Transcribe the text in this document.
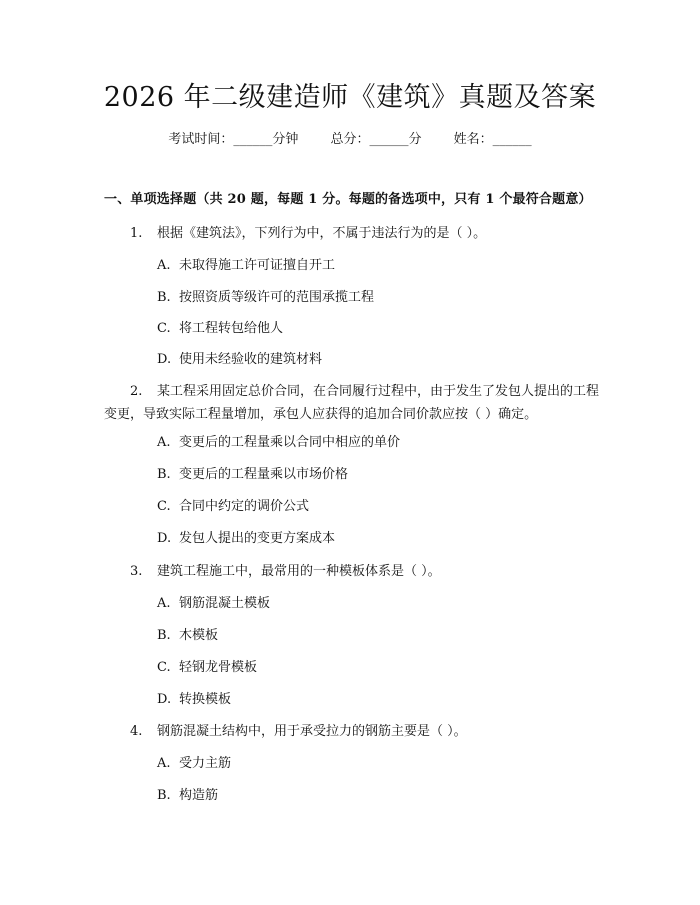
2026 年二级建造师《建筑》真题及答案
考试时间：______分钟 总分：______分 姓名：______
一、单项选择题（共 20 题，每题 1 分。每题的备选项中，只有 1 个最符合题意）
1. 根据《建筑法》，下列行为中，不属于违法行为的是（ ）。
A. 未取得施工许可证擅自开工
B. 按照资质等级许可的范围承揽工程
C. 将工程转包给他人
D. 使用未经验收的建筑材料
2. 某工程采用固定总价合同，在合同履行过程中，由于发生了发包人提出的工程变更，导致实际工程量增加，承包人应获得的追加合同价款应按（ ）确定。
A. 变更后的工程量乘以合同中相应的单价
B. 变更后的工程量乘以市场价格
C. 合同中约定的调价公式
D. 发包人提出的变更方案成本
3. 建筑工程施工中，最常用的一种模板体系是（ ）。
A. 钢筋混凝土模板
B. 木模板
C. 轻钢龙骨模板
D. 转换模板
4. 钢筋混凝土结构中，用于承受拉力的钢筋主要是（ ）。
A. 受力主筋
B. 构造筋
